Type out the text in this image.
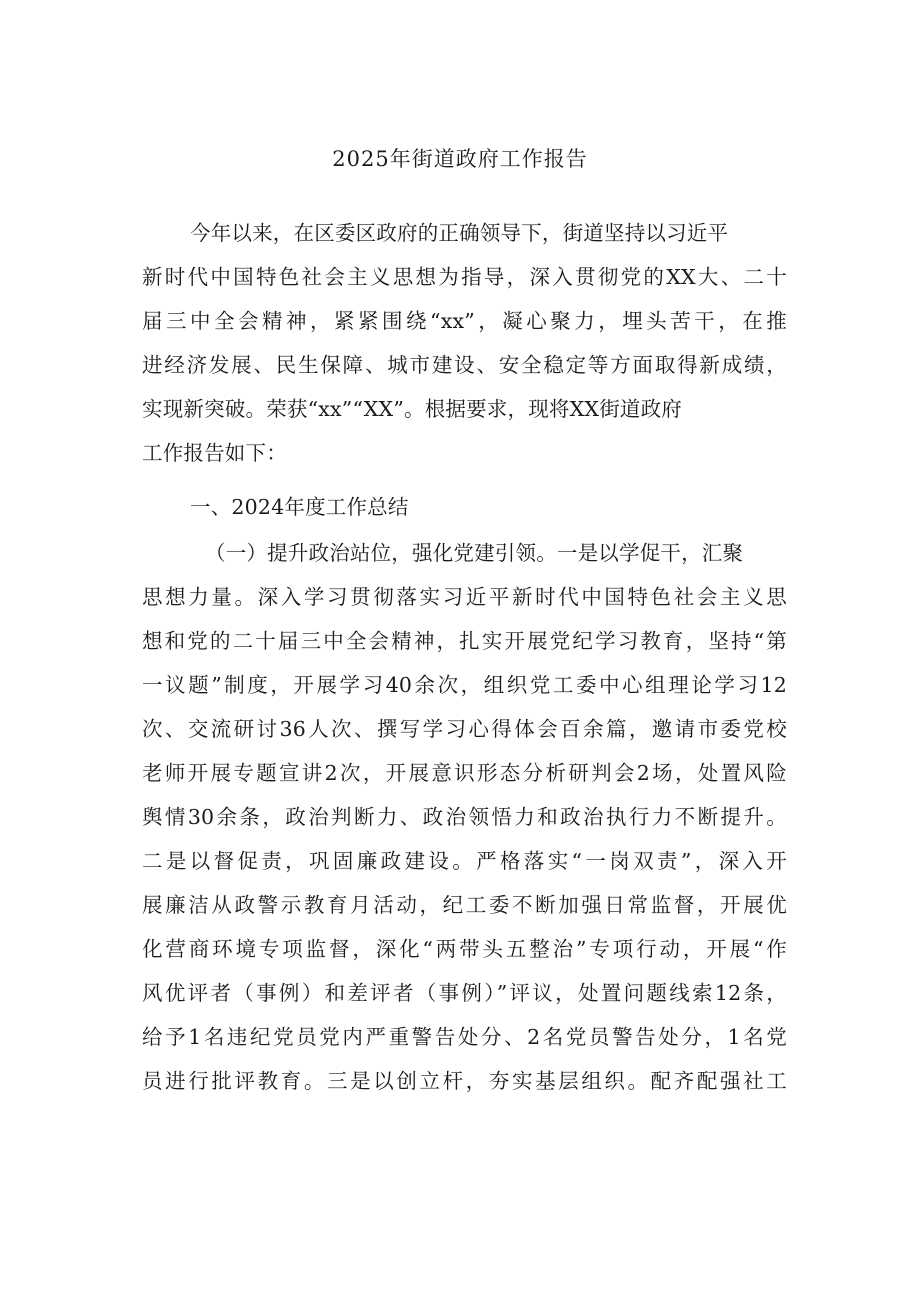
2025年街道政府工作报告
今年以来，在区委区政府的正确领导下，街道坚持以习近平
新时代中国特色社会主义思想为指导，深入贯彻党的XX大、二十
届三中全会精神，紧紧围绕“xx”，凝心聚力，埋头苦干，在推
进经济发展、民生保障、城市建设、安全稳定等方面取得新成绩，
实现新突破。荣获“xx”“XX”。根据要求，现将XX街道政府
工作报告如下：
一、2024年度工作总结
（一）提升政治站位，强化党建引领。一是以学促干，汇聚
思想力量。深入学习贯彻落实习近平新时代中国特色社会主义思
想和党的二十届三中全会精神，扎实开展党纪学习教育，坚持“第
一议题”制度，开展学习40余次，组织党工委中心组理论学习12
次、交流研讨36人次、撰写学习心得体会百余篇，邀请市委党校
老师开展专题宣讲2次，开展意识形态分析研判会2场，处置风险
舆情30余条，政治判断力、政治领悟力和政治执行力不断提升。
二是以督促责，巩固廉政建设。严格落实“一岗双责”，深入开
展廉洁从政警示教育月活动，纪工委不断加强日常监督，开展优
化营商环境专项监督，深化“两带头五整治”专项行动，开展“作
风优评者（事例）和差评者（事例）”评议，处置问题线索12条，
给予1名违纪党员党内严重警告处分、2名党员警告处分，1名党
员进行批评教育。三是以创立杆，夯实基层组织。配齐配强社工
